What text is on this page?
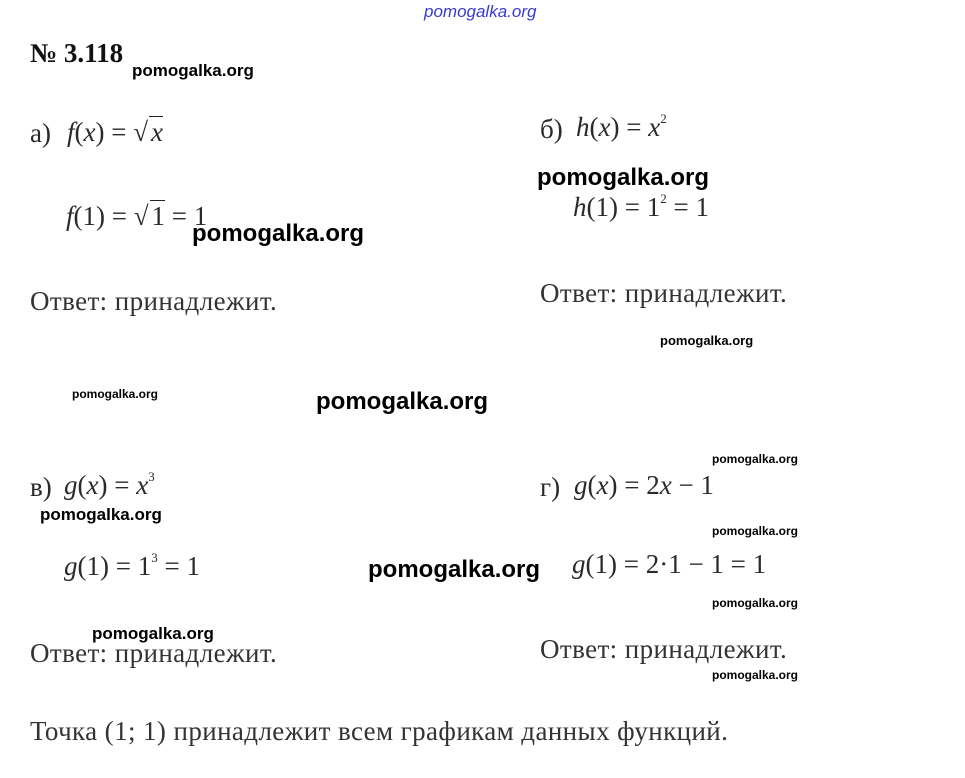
pomogalka.org
№ 3.118
pomogalka.org
а) f(x) = √ x
f(1) = √ 1 = 1
pomogalka.org
Ответ: принадлежит.
б) $h(x) = x^2$
pomogalka.org
$h(1) = 1^2 = 1$
Ответ: принадлежит.
pomogalka.org
pomogalka.org	pomogalka.org
в) $g(x) = x^3$
pomogalka.org
$g(1) = 1^3 = 1$
pomogalka.org
Ответ: принадлежит.
pomogalka.org
г) g(x) = 2x − 1
pomogalka.org
pomogalka.org g(1) = 2·1 − 1 = 1
pomogalka.org
Ответ: принадлежит.
pomogalka.org
Точка (1; 1) принадлежит всем графикам данных функций.
